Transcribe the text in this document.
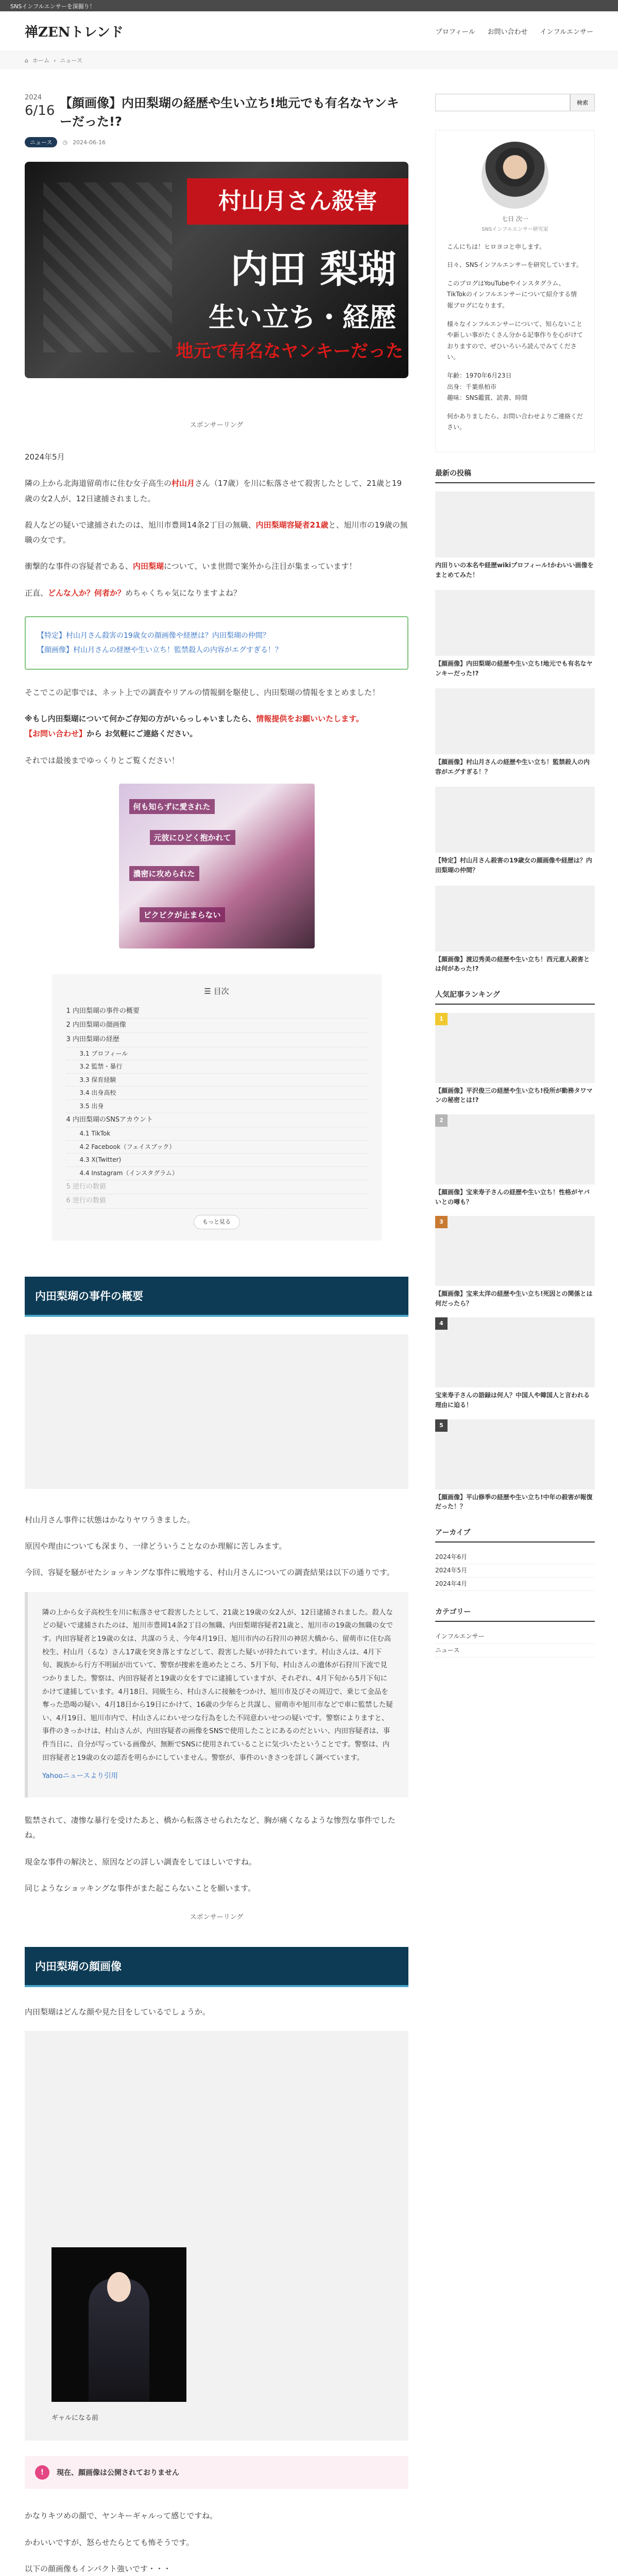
SNSインフルエンサーを深掘り！
禅ZENトレンド	プロフィール お問い合わせ インフルエンサー
⌂ ホーム › ニュース
2024
6/16 【顔画像】内田梨瑚の経歴や生い立ち!地元でも有名なヤンキーだった!?
ニュース	◷ 2024-06-16
村山月さん殺害
内田 梨瑚
生い立ち・経歴
地元で有名なヤンキーだった
スポンサーリング

2024年5月

隣の上から北海道留萌市に住む女子高生の村山月さん（17歳）を川に転落させて殺害したとして、21歳と19歳の女2人が、12日逮捕されました。

殺人などの疑いで逮捕されたのは、旭川市豊岡14条2丁目の無職、内田梨瑚容疑者21歳と、旭川市の19歳の無職の女です。

衝撃的な事件の容疑者である、内田梨瑚について、いま世間で案外から注目が集まっています！

正直、どんな人か？何者か？めちゃくちゃ気になりますよね？

【特定】村山月さん殺害の19歳女の顔画像や経歴は？内田梨瑚の仲間？
【顔画像】村山月さんの経歴や生い立ち！監禁殺人の内容がエグすぎる！？

そこでこの記事では、ネット上での調査やリアルの情報網を駆使し、内田梨瑚の情報をまとめました！

※もし内田梨瑚について何かご存知の方がいらっしゃいましたら、情報提供をお願いいたします。
【お問い合わせ】から お気軽にご連絡ください。

それでは最後までゆっくりとご覧ください！

何も知らずに愛された
元彼にひどく抱かれて
濃密に攻められた
ビクビクが止まらない
☰ 目次
1 内田梨瑚の事件の概要
2 内田梨瑚の顔画像
3 内田梨瑚の経歴
3.1 プロフィール
3.2 監禁・暴行
3.3 保育経験
3.4 出身高校
3.5 出身
4 内田梨瑚のSNSアカウント
4.1 TikTok
4.2 Facebook（フェイスブック）
4.3 X(Twitter)
4.4 Instagram（インスタグラム）
5 逆行の数値
6 逆行の数値
もっと見る
内田梨瑚の事件の概要

村山月さん事件に状態はかなりヤワうきました。

原因や理由についても深まり、一律どういうことなのか理解に苦しみます。

今回、容疑を騒がせたショッキングな事件に戦地する、村山月さんについての調査結果は以下の通りです。

隣の上から女子高校生を川に転落させて殺害したとして、21歳と19歳の女2人が、12日逮捕されました。殺人などの疑いで逮捕されたのは、旭川市豊岡14条2丁目の無職、内田梨瑚容疑者21歳と、旭川市の19歳の無職の女です。内田容疑者と19歳の女は、共謀のうえ、今年4月19日、旭川市内の石狩川の神居大橋から、留萌市に住む高校生、村山月（るな）さん17歳を突き落とすなどして、殺害した疑いが持たれています。村山さんは、4月下旬、親族から行方不明届が出ていて、警察が捜索を進めたところ、5月下旬、村山さんの遺体が石狩川下流で見つかりました。警察は、内田容疑者と19歳の女をすでに逮捕していますが、それぞれ、4月下旬から5月下旬にかけて逮捕しています。4月18日、同級生ら、村山さんに接触をつかけ、旭川市及びその周辺で、乗じて金品を奪った恐喝の疑い、4月18日から19日にかけて、16歳の少年らと共謀し、留萌市や旭川市などで車に監禁した疑い、4月19日、旭川市内で、村山さんにわいせつな行為をした不同意わいせつの疑いです。警察によりますと、事件のきっかけは、村山さんが、内田容疑者の画像をSNSで使用したことにあるのだといい、内田容疑者は、事件当日に、自分が写っている画像が、無断でSNSに使用されていることに気づいたということです。警察は、内田容疑者と19歳の女の認否を明らかにしていません。警察が、事件のいきさつを詳しく調べています。
Yahooニュースより引用

監禁されて、凄惨な暴行を受けたあと、橋から転落させられたなど、胸が痛くなるような惨烈な事件でしたね。

現金な事件の解決と、原因などの詳しい調査をしてほしいですね。

同じようなショッキングな事件がまた起こらないことを願います。

スポンサーリング
内田梨瑚の顔画像

内田梨瑚はどんな顔や見た目をしているでしょうか。

ギャルになる前
!	現在、顔画像は公開されておりません

かなりキツめの顔で、ヤンキーギャルって感じですね。

かわいいですが、怒らせたらとても怖そうです。

以下の顔画像もインパクト強いです・・・

検索
七日 次一
SNSインフルエンサー研究家

こんにちは！ヒロヨコと申します。

日々、SNSインフルエンサーを研究しています。

このブログはYouTubeやインスタグラム、TikTokのインフルエンサーについて紹介する情報ブログになります。

様々なインフルエンサーについて、知らないことや新しい事がたくさん分かる記事作りを心がけておりますので、ぜひいろいろ読んでみてください。

年齢：1970年6月23日
出身：千葉県柏市
趣味：SNS鑑賞、読書、時間

何かありましたら、お問い合わせよりご連絡ください。

最新の投稿
内田りいの本名や経歴wikiプロフィール!かわいい画像をまとめてみた！
【顔画像】内田梨瑚の経歴や生い立ち!地元でも有名なヤンキーだった!?
【顔画像】村山月さんの経歴や生い立ち！監禁殺人の内容がエグすぎる！？
【特定】村山月さん殺害の19歳女の顔画像や経歴は？内田梨瑚の仲間？
【顔画像】渡辺秀美の経歴や生い立ち！西元恵人殺害とは何があった!?
人気記事ランキング
1
【顔画像】平沢俊三の経歴や生い立ち!役所が勤務タワマンの秘密とは!?
2
【顔画像】宝来寿子さんの経歴や生い立ち！性格がヤバいとの噂も？
3
【顔画像】宝来太洋の経歴や生い立ち!死因との関係とは何だったら？
4
宝来寿子さんの語録は何人？中国人や韓国人と言われる理由に迫る！
5
【顔画像】平山修季の経歴や生い立ち!中年の殺害が報復だった！？
アーカイブ
2024年6月
2024年5月
2024年4月
カテゴリー
インフルエンサー
ニュース
